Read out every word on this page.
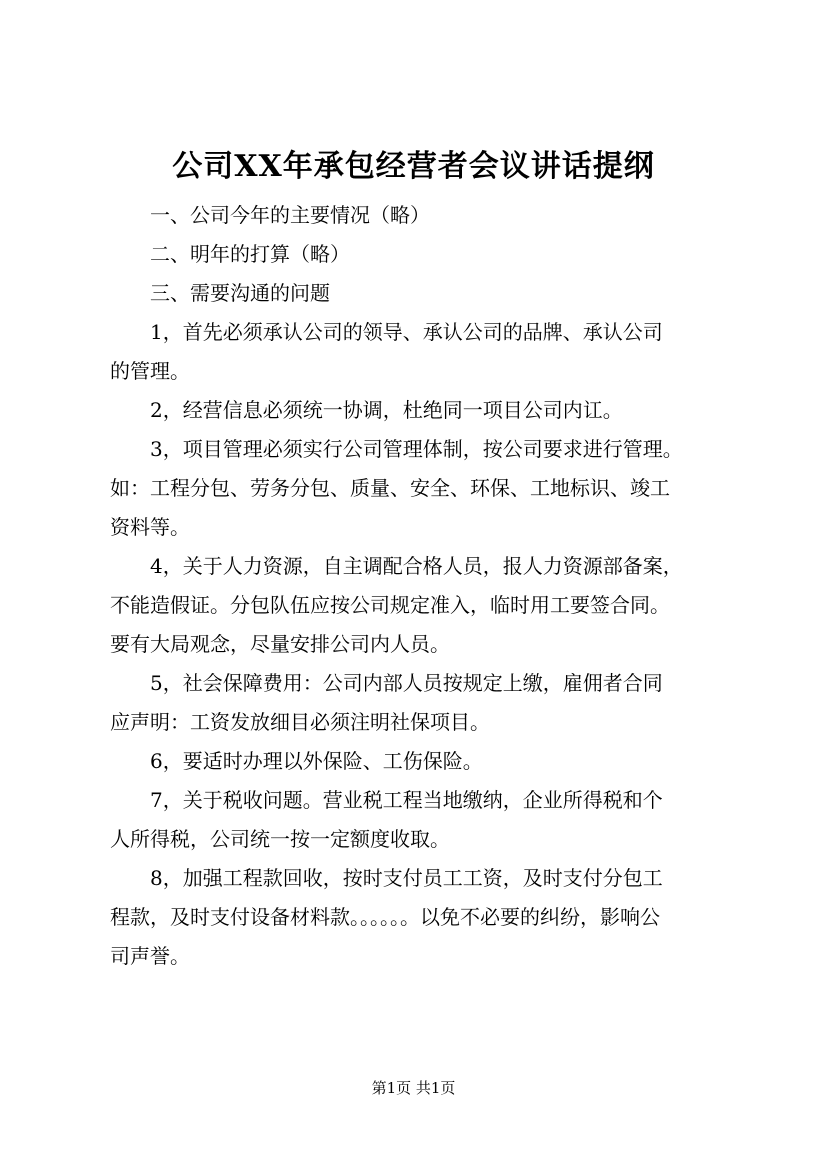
公司XX年承包经营者会议讲话提纲
一、公司今年的主要情况（略）
二、明年的打算（略）
三、需要沟通的问题
1，首先必须承认公司的领导、承认公司的品牌、承认公司
的管理。
2，经营信息必须统一协调，杜绝同一项目公司内讧。
3，项目管理必须实行公司管理体制，按公司要求进行管理。
如：工程分包、劳务分包、质量、安全、环保、工地标识、竣工
资料等。
4，关于人力资源，自主调配合格人员，报人力资源部备案，
不能造假证。分包队伍应按公司规定准入，临时用工要签合同。
要有大局观念，尽量安排公司内人员。
5，社会保障费用：公司内部人员按规定上缴，雇佣者合同
应声明：工资发放细目必须注明社保项目。
6，要适时办理以外保险、工伤保险。
7，关于税收问题。营业税工程当地缴纳，企业所得税和个
人所得税，公司统一按一定额度收取。
8，加强工程款回收，按时支付员工工资，及时支付分包工
程款，及时支付设备材料款。。。。。。以免不必要的纠纷，影响公
司声誉。
第1页 共1页
